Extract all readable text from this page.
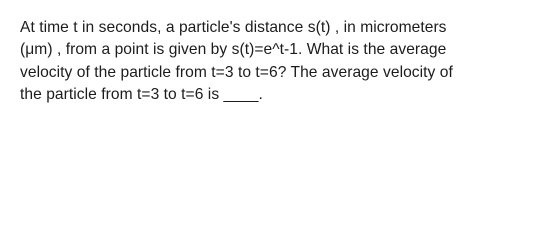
At time t in seconds, a particle's distance s(t) , in micrometers
(μm) , from a point is given by s(t)=e^t-1. What is the average
velocity of the particle from t=3 to t=6? The average velocity of
the particle from t=3 to t=6 is ____.
